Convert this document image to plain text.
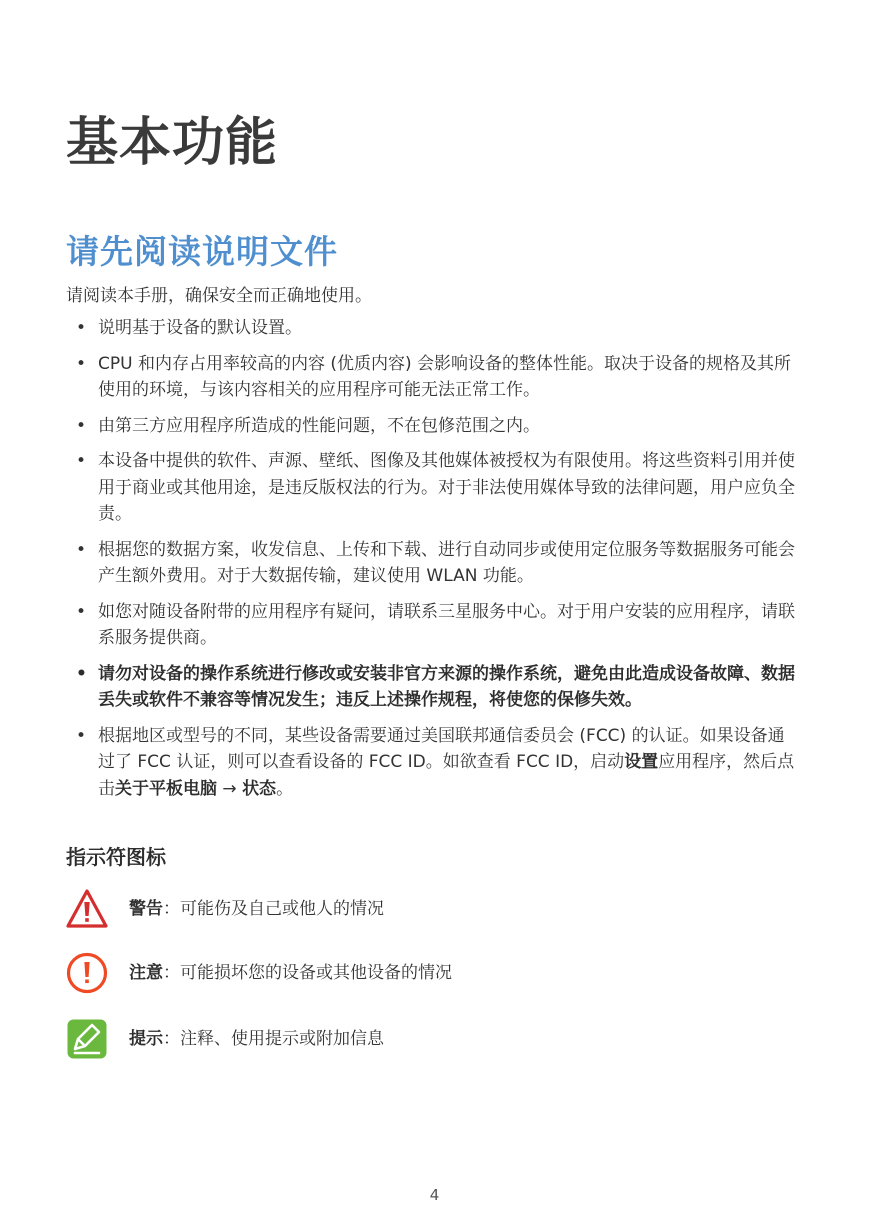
基本功能
请先阅读说明文件

请阅读本手册，确保安全而正确地使用。

• 说明基于设备的默认设置。
• CPU 和内存占用率较高的内容 (优质内容) 会影响设备的整体性能。取决于设备的规格及其所使用的环境，与该内容相关的应用程序可能无法正常工作。
• 由第三方应用程序所造成的性能问题，不在包修范围之内。
• 本设备中提供的软件、声源、壁纸、图像及其他媒体被授权为有限使用。将这些资料引用并使用于商业或其他用途，是违反版权法的行为。对于非法使用媒体导致的法律问题，用户应负全责。
• 根据您的数据方案，收发信息、上传和下载、进行自动同步或使用定位服务等数据服务可能会产生额外费用。对于大数据传输，建议使用 WLAN 功能。
• 如您对随设备附带的应用程序有疑问，请联系三星服务中心。对于用户安装的应用程序，请联系服务提供商。
• 请勿对设备的操作系统进行修改或安装非官方来源的操作系统，避免由此造成设备故障、数据丢失或软件不兼容等情况发生；违反上述操作规程，将使您的保修失效。
• 根据地区或型号的不同，某些设备需要通过美国联邦通信委员会 (FCC) 的认证。如果设备通过了 FCC 认证，则可以查看设备的 FCC ID。如欲查看 FCC ID，启动设置应用程序，然后点击关于平板电脑 → 状态。
指示符图标
警告：可能伤及自己或他人的情况
注意：可能损坏您的设备或其他设备的情况
提示：注释、使用提示或附加信息
4
